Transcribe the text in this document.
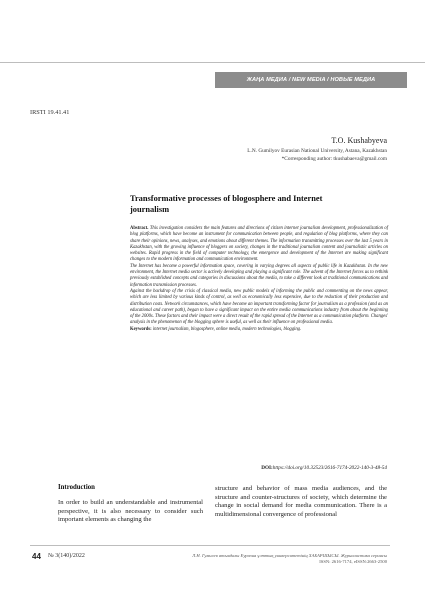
ЖАҢА МЕДИА / NEW MEDIA / НОВЫЕ МЕДИА
IRSTI 19.41.41
T.O. Kushabyeva
L.N. Gumilyov Eurasian National University, Astana, Kazakhstan
*Corresponding author: tkushabaeva@gmail.com
Transformative processes of blogosphere and Internet journalism

Abstract. This investigation considers the main features and directions of citizen internet journalism development, professionalization of blog platforms, which have become an instrument for communication between people, and regulation of blog platforms, where they can share their opinions, news, analyses, and emotions about different themes. The information transmitting processes over the last 5 years in Kazakhstan, with the growing influence of bloggers on society, changes in the traditional journalism content and journalistic articles on websites. Rapid progress in the field of computer technology, the emergence and development of the Internet are making significant changes to the modern information and communication environment.

The Internet has become a powerful information space, covering in varying degrees all aspects of public life in Kazakhstan. In the new environment, the Internet media sector is actively developing and playing a significant role. The advent of the Internet forces us to rethink previously established concepts and categories in discussions about the media, to take a different look at traditional communications and information transmission processes.

Against the backdrop of the crisis of classical media, new public models of informing the public and commenting on the news appear, which are less limited by various kinds of control, as well as economically less expensive, due to the reduction of their production and distribution costs. Network circumstances, which have become an important transforming factor for journalism as a profession (and as an educational and career path), began to have a significant impact on the entire media communications industry from about the beginning of the 2000s. These factors and their impact were a direct result of the rapid spread of the Internet as a communication platform. Changes' analysis in the phenomenon of the blogging sphere is useful, as well as their influence on professional media.

Keywords: internet journalism, blogosphere, online media, modern technologies, blogging.

DOI:https://doi.org/10.32523/2616-7174-2022-140-3-48-54
Introduction
In order to build an understandable and instrumental perspective, it is also necessary to consider such important elements as changing the
structure and behavior of mass media audiences, and the structure and counter-structures of society, which determine the change in social demand for media communication. There is a multidimensional convergence of professional
44 № 3(140)/2022	Л.Н. Гумилев атындағы Еуразия ұлттық университетінің ХАБАРШЫСЫ. Журналистика сериясы
ISSN: 2616-7174, eISSN:2663-2500
